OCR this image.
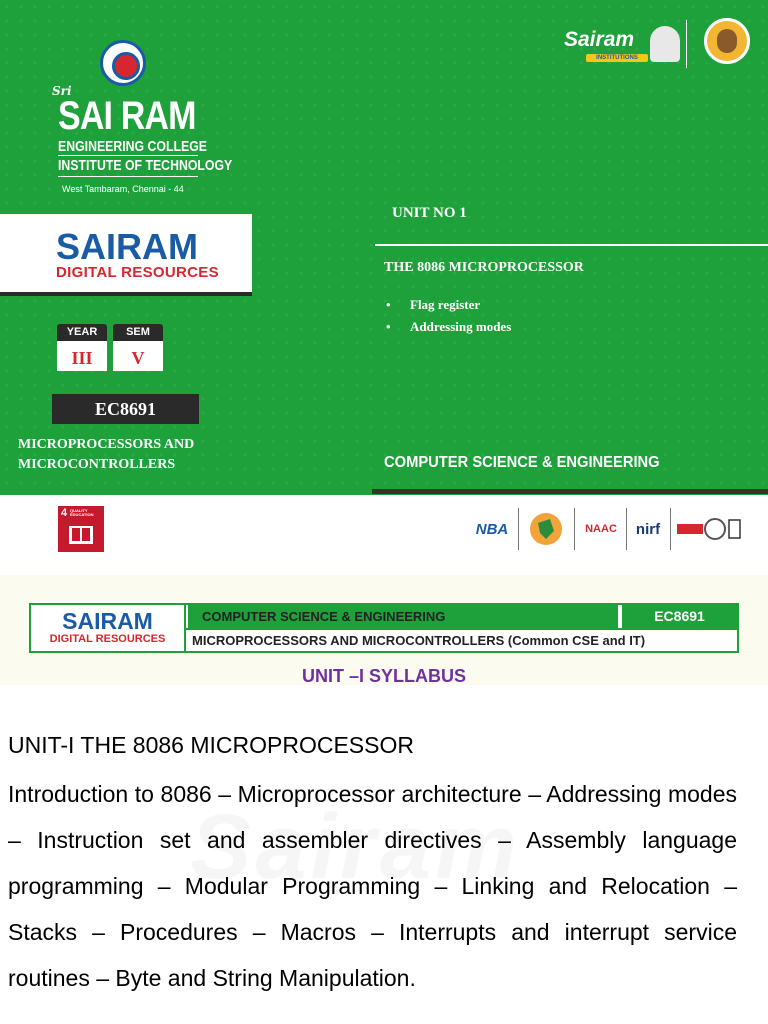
Sri
SAI RAM
ENGINEERING COLLEGE
INSTITUTE OF TECHNOLOGY
West Tambaram, Chennai - 44
Sairam
INSTITUTIONS
SAIRAM
DIGITAL RESOURCES
YEAR
III
SEM
V
EC8691
MICROPROCESSORS AND MICROCONTROLLERS
UNIT NO 1
THE 8086 MICROPROCESSOR
• Flag register
• Addressing modes
COMPUTER SCIENCE & ENGINEERING
4 QUALITY EDUCATION
NBA	NAAC	nirf
SAIRAM
DIGITAL RESOURCES
COMPUTER SCIENCE & ENGINEERING	EC8691
MICROPROCESSORS AND MICROCONTROLLERS (Common CSE and IT)
UNIT –I SYLLABUS
UNIT-I THE 8086 MICROPROCESSOR
Introduction to 8086 – Microprocessor architecture – Addressing modes – Instruction set and assembler directives – Assembly language programming – Modular Programming – Linking and Relocation – Stacks – Procedures – Macros – Interrupts and interrupt service routines – Byte and String Manipulation.
